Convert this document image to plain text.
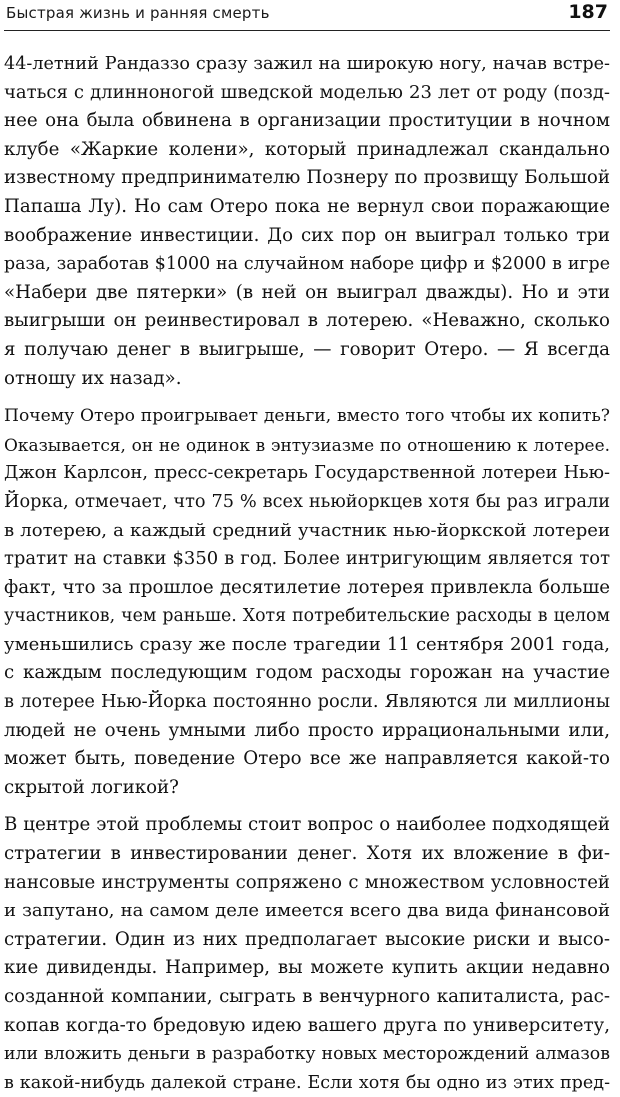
Быстрая жизнь и ранняя смерть	187

44-летний Рандаззо сразу зажил на широкую ногу, начав встре-
чаться с длинноногой шведской моделью 23 лет от роду (позд-
нее она была обвинена в организации проституции в ночном
клубе «Жаркие колени», который принадлежал скандально
известному предпринимателю Познеру по прозвищу Большой
Папаша Лу). Но сам Отеро пока не вернул свои поражающие
воображение инвестиции. До сих пор он выиграл только три
раза, заработав $1000 на случайном наборе цифр и $2000 в игре
«Набери две пятерки» (в ней он выиграл дважды). Но и эти
выигрыши он реинвестировал в лотерею. «Неважно, сколько
я получаю денег в выигрыше, — говорит Отеро. — Я всегда
отношу их назад».

Почему Отеро проигрывает деньги, вместо того чтобы их копить?
Оказывается, он не одинок в энтузиазме по отношению к лотерее.
Джон Карлсон, пресс-секретарь Государственной лотереи Нью-
Йорка, отмечает, что 75 % всех ньюйоркцев хотя бы раз играли
в лотерею, а каждый средний участник нью-йоркской лотереи
тратит на ставки $350 в год. Более интригующим является тот
факт, что за прошлое десятилетие лотерея привлекла больше
участников, чем раньше. Хотя потребительские расходы в целом
уменьшились сразу же после трагедии 11 сентября 2001 года,
с каждым последующим годом расходы горожан на участие
в лотерее Нью-Йорка постоянно росли. Являются ли миллионы
людей не очень умными либо просто иррациональными или,
может быть, поведение Отеро все же направляется какой-то
скрытой логикой?

В центре этой проблемы стоит вопрос о наиболее подходящей
стратегии в инвестировании денег. Хотя их вложение в фи-
нансовые инструменты сопряжено с множеством условностей
и запутано, на самом деле имеется всего два вида финансовой
стратегии. Один из них предполагает высокие риски и высо-
кие дивиденды. Например, вы можете купить акции недавно
созданной компании, сыграть в венчурного капиталиста, рас-
копав когда-то бредовую идею вашего друга по университету,
или вложить деньги в разработку новых месторождений алмазов
в какой-нибудь далекой стране. Если хотя бы одно из этих пред-
